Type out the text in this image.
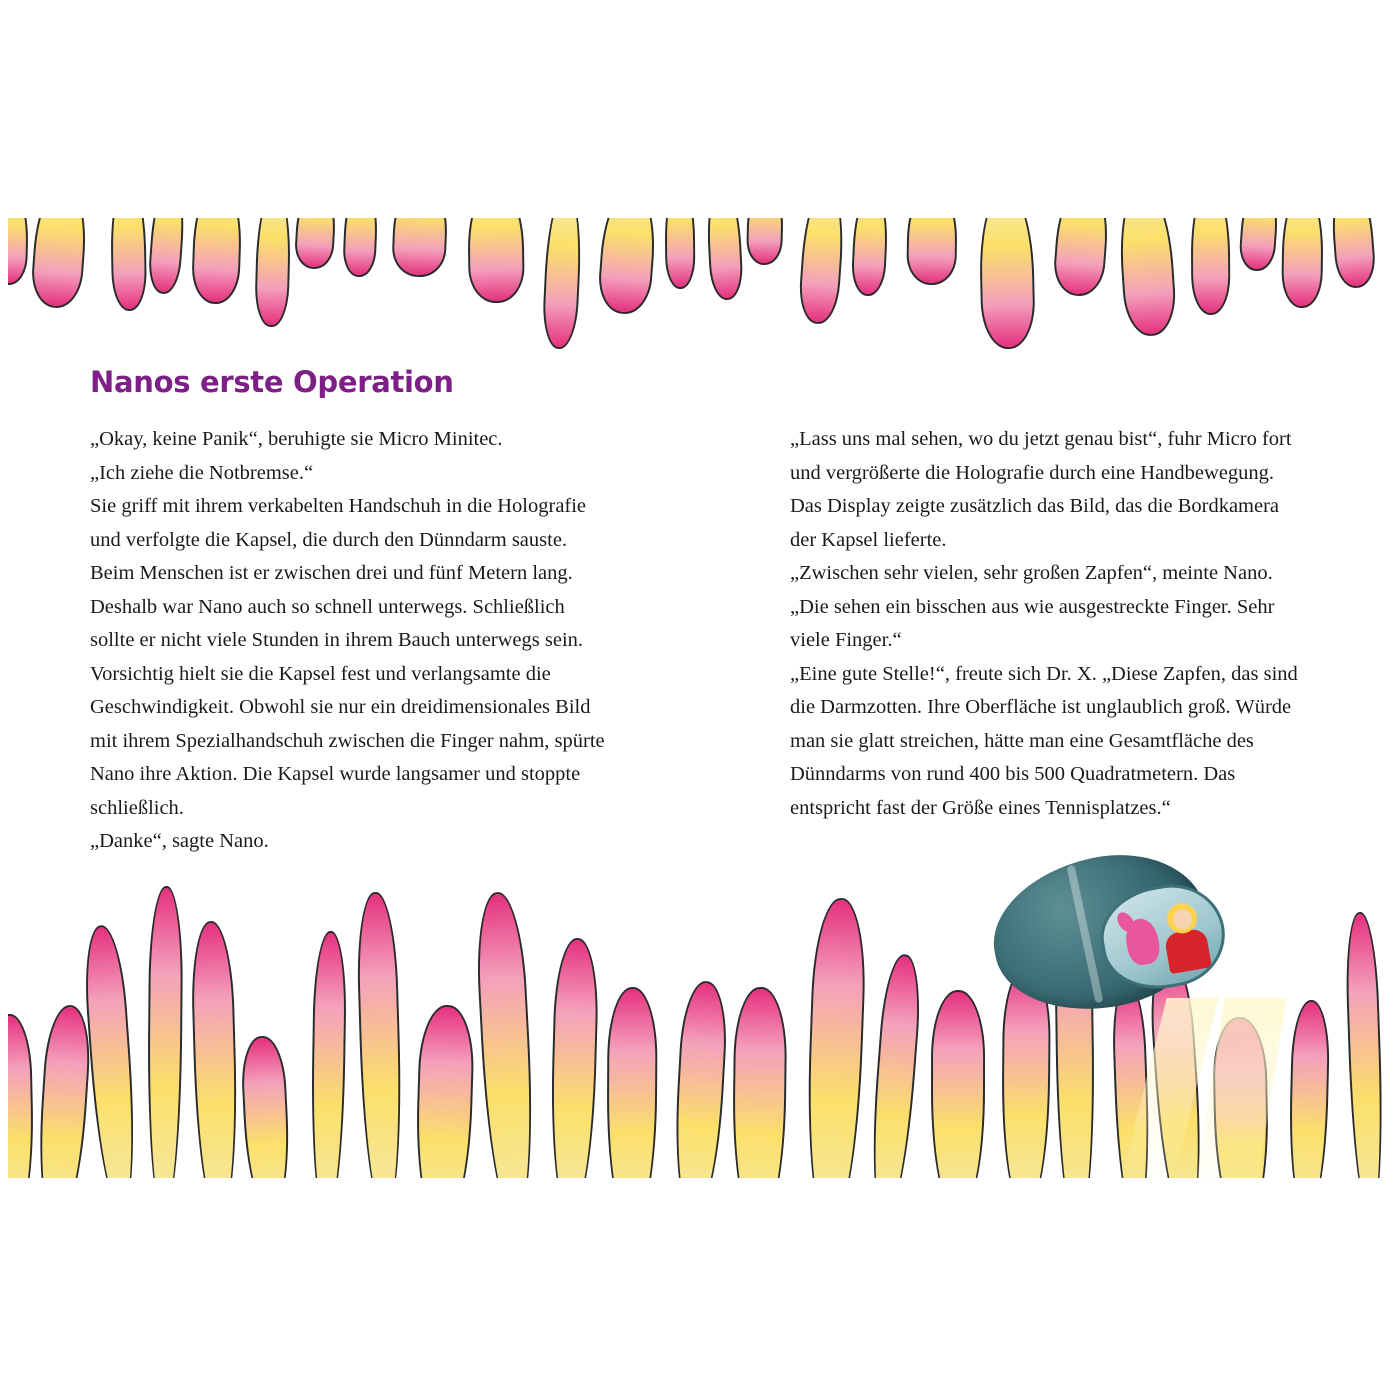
Nanos erste Operation

„Okay, keine Panik“, beruhigte sie Micro Minitec.

„Ich ziehe die Notbremse.“

Sie griff mit ihrem verkabelten Handschuh in die Holografie und verfolgte die Kapsel, die durch den Dünndarm sauste. Beim Menschen ist er zwischen drei und fünf Metern lang. Deshalb war Nano auch so schnell unterwegs. Schließlich sollte er nicht viele Stunden in ihrem Bauch unterwegs sein. Vorsichtig hielt sie die Kapsel fest und verlangsamte die Geschwindigkeit. Obwohl sie nur ein dreidimensionales Bild mit ihrem Spezialhandschuh zwischen die Finger nahm, spürte Nano ihre Aktion. Die Kapsel wurde langsamer und stoppte schließlich.

„Danke“, sagte Nano.

„Lass uns mal sehen, wo du jetzt genau bist“, fuhr Micro fort und vergrößerte die Holografie durch eine Handbewegung. Das Display zeigte zusätzlich das Bild, das die Bordkamera der Kapsel lieferte.

„Zwischen sehr vielen, sehr großen Zapfen“, meinte Nano. „Die sehen ein bisschen aus wie ausgestreckte Finger. Sehr viele Finger.“

„Eine gute Stelle!“, freute sich Dr. X. „Diese Zapfen, das sind die Darmzotten. Ihre Oberfläche ist unglaublich groß. Würde man sie glatt streichen, hätte man eine Gesamtfläche des Dünndarms von rund 400 bis 500 Quadratmetern. Das entspricht fast der Größe eines Tennisplatzes.“
